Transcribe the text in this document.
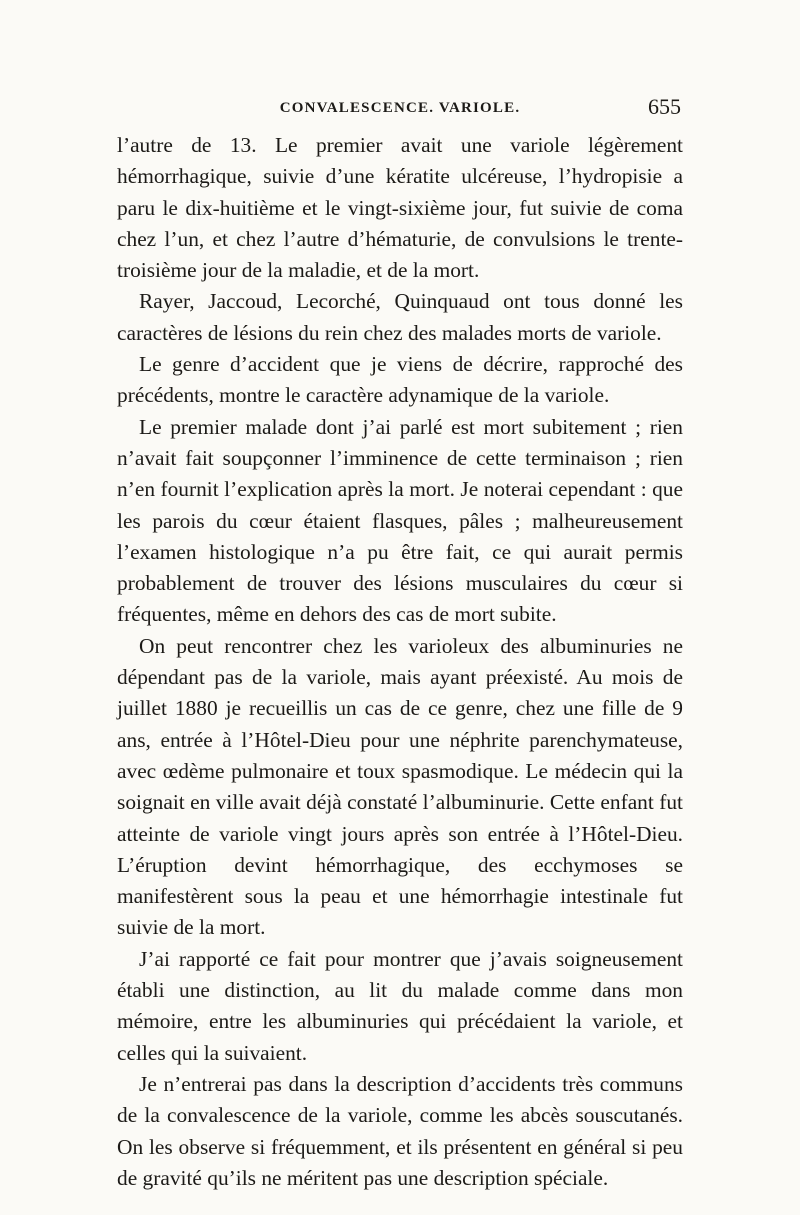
CONVALESCENCE. VARIOLE.	655

l’autre de 13. Le premier avait une variole légèrement hémorrhagique, suivie d’une kératite ulcéreuse, l’hydropisie a paru le dix-huitième et le vingt-sixième jour, fut suivie de coma chez l’un, et chez l’autre d’hématurie, de convulsions le trente-troisième jour de la maladie, et de la mort.

Rayer, Jaccoud, Lecorché, Quinquaud ont tous donné les caractères de lésions du rein chez des malades morts de variole.

Le genre d’accident que je viens de décrire, rapproché des précédents, montre le caractère adynamique de la variole.

Le premier malade dont j’ai parlé est mort subitement ; rien n’avait fait soupçonner l’imminence de cette terminaison ; rien n’en fournit l’explication après la mort. Je noterai cependant : que les parois du cœur étaient flasques, pâles ; malheureusement l’examen histologique n’a pu être fait, ce qui aurait permis probablement de trouver des lésions musculaires du cœur si fréquentes, même en dehors des cas de mort subite.

On peut rencontrer chez les varioleux des albuminuries ne dépendant pas de la variole, mais ayant préexisté. Au mois de juillet 1880 je recueillis un cas de ce genre, chez une fille de 9 ans, entrée à l’Hôtel-Dieu pour une néphrite parenchymateuse, avec œdème pulmonaire et toux spasmodique. Le médecin qui la soignait en ville avait déjà constaté l’albuminurie. Cette enfant fut atteinte de variole vingt jours après son entrée à l’Hôtel-Dieu. L’éruption devint hémorrhagique, des ecchymoses se manifestèrent sous la peau et une hémorrhagie intestinale fut suivie de la mort.

J’ai rapporté ce fait pour montrer que j’avais soigneusement établi une distinction, au lit du malade comme dans mon mémoire, entre les albuminuries qui précédaient la variole, et celles qui la suivaient.

Je n’entrerai pas dans la description d’accidents très communs de la convalescence de la variole, comme les abcès souscutanés. On les observe si fréquemment, et ils présentent en général si peu de gravité qu’ils ne méritent pas une description spéciale.
